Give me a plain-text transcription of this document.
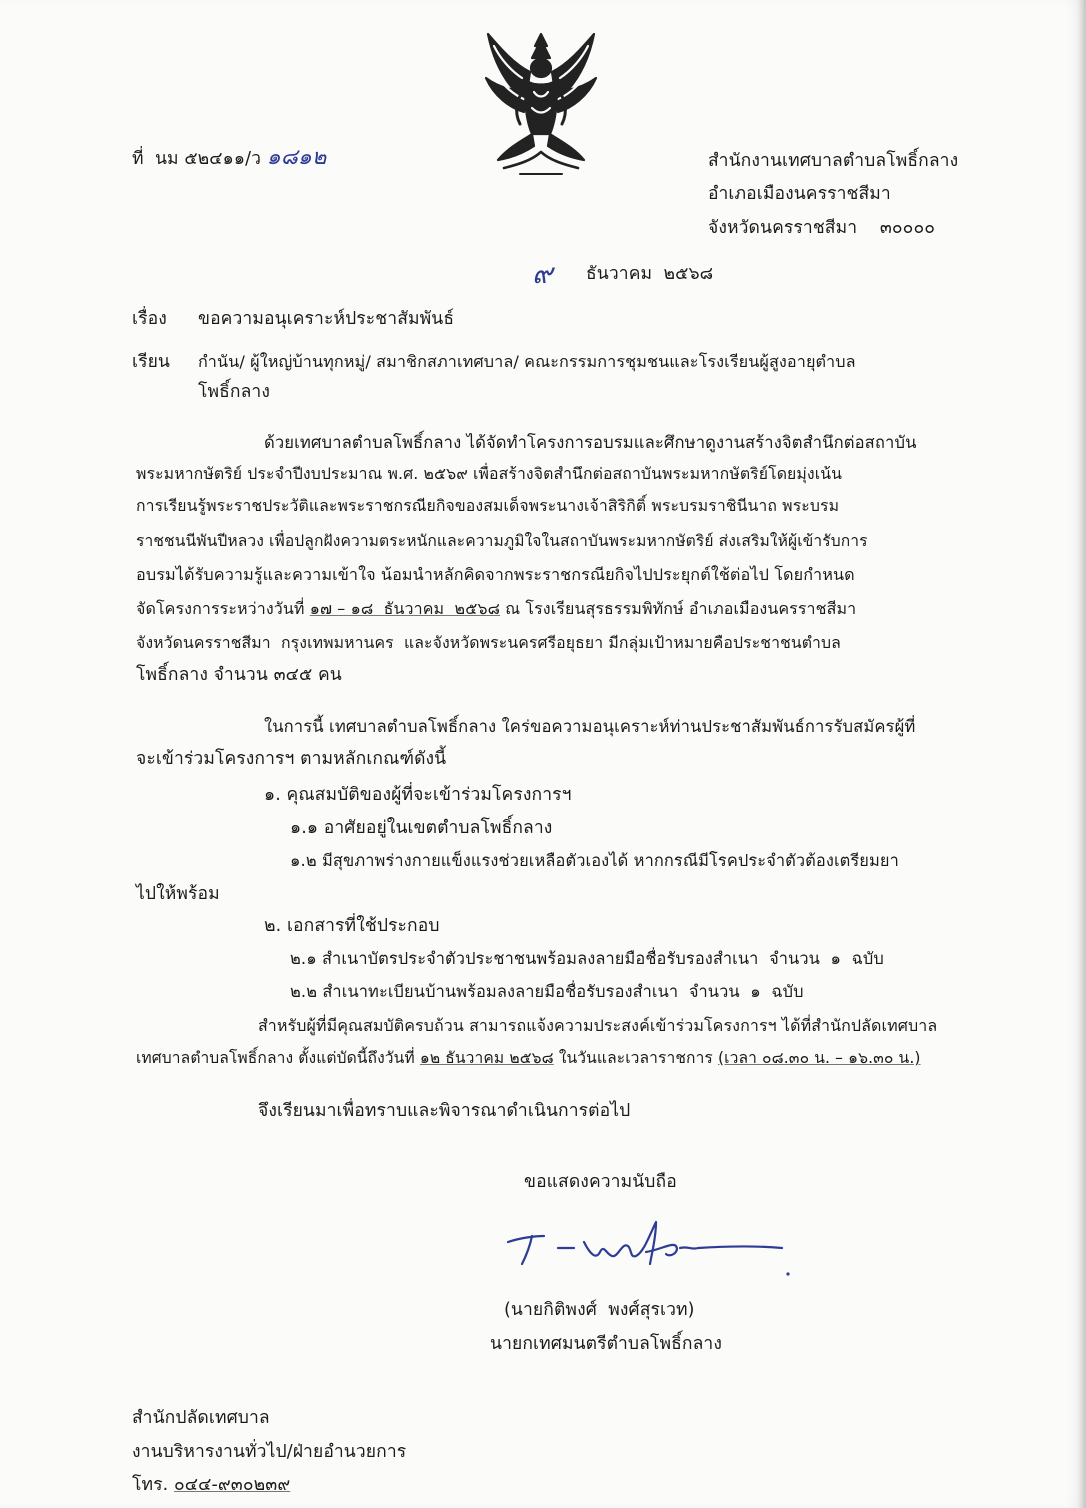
ที่ นม ๕๒๔๑๑/ว ๑๘๑๒	สำนักงานเทศบาลตำบลโพธิ์กลาง
อำเภอเมืองนครราชสีมา
จังหวัดนครราชสีมา ๓๐๐๐๐
๙ ธันวาคม  ๒๕๖๘
เรื่อง ขอความอนุเคราะห์ประชาสัมพันธ์
เรียน กำนัน/ ผู้ใหญ่บ้านทุกหมู่/ สมาชิกสภาเทศบาล/ คณะกรรมการชุมชนและโรงเรียนผู้สูงอายุตำบล
โพธิ์กลาง
ด้วยเทศบาลตำบลโพธิ์กลาง ได้จัดทำโครงการอบรมและศึกษาดูงานสร้างจิตสำนึกต่อสถาบัน
พระมหากษัตริย์ ประจำปีงบประมาณ พ.ศ. ๒๕๖๙ เพื่อสร้างจิตสำนึกต่อสถาบันพระมหากษัตริย์โดยมุ่งเน้น
การเรียนรู้พระราชประวัติและพระราชกรณียกิจของสมเด็จพระนางเจ้าสิริกิติ์ พระบรมราชินีนาถ พระบรม
ราชชนนีพันปีหลวง เพื่อปลูกฝังความตระหนักและความภูมิใจในสถาบันพระมหากษัตริย์ ส่งเสริมให้ผู้เข้ารับการ
อบรมได้รับความรู้และความเข้าใจ น้อมนำหลักคิดจากพระราชกรณียกิจไปประยุกต์ใช้ต่อไป โดยกำหนด
จัดโครงการระหว่างวันที่ ๑๗ – ๑๘  ธันวาคม  ๒๕๖๘ ณ โรงเรียนสุรธรรมพิทักษ์ อำเภอเมืองนครราชสีมา
จังหวัดนครราชสีมา  กรุงเทพมหานคร  และจังหวัดพระนครศรีอยุธยา มีกลุ่มเป้าหมายคือประชาชนตำบล
โพธิ์กลาง จำนวน ๓๔๕ คน
ในการนี้ เทศบาลตำบลโพธิ์กลาง ใคร่ขอความอนุเคราะห์ท่านประชาสัมพันธ์การรับสมัครผู้ที่
จะเข้าร่วมโครงการฯ ตามหลักเกณฑ์ดังนี้
๑. คุณสมบัติของผู้ที่จะเข้าร่วมโครงการฯ
๑.๑ อาศัยอยู่ในเขตตำบลโพธิ์กลาง
๑.๒ มีสุขภาพร่างกายแข็งแรงช่วยเหลือตัวเองได้ หากกรณีมีโรคประจำตัวต้องเตรียมยา
ไปให้พร้อม
๒. เอกสารที่ใช้ประกอบ
๒.๑ สำเนาบัตรประจำตัวประชาชนพร้อมลงลายมือชื่อรับรองสำเนา  จำนวน  ๑  ฉบับ
๒.๒ สำเนาทะเบียนบ้านพร้อมลงลายมือชื่อรับรองสำเนา  จำนวน  ๑  ฉบับ
สำหรับผู้ที่มีคุณสมบัติครบถ้วน สามารถแจ้งความประสงค์เข้าร่วมโครงการฯ ได้ที่สำนักปลัดเทศบาล
เทศบาลตำบลโพธิ์กลาง ตั้งแต่บัดนี้ถึงวันที่ ๑๒ ธันวาคม ๒๕๖๘ ในวันและเวลาราชการ (เวลา ๐๘.๓๐ น. – ๑๖.๓๐ น.)
จึงเรียนมาเพื่อทราบและพิจารณาดำเนินการต่อไป
ขอแสดงความนับถือ
(นายกิติพงศ์  พงศ์สุรเวท)
นายกเทศมนตรีตำบลโพธิ์กลาง
สำนักปลัดเทศบาล
งานบริหารงานทั่วไป/ฝ่ายอำนวยการ
โทร. ๐๔๔-๙๓๐๒๓๙
